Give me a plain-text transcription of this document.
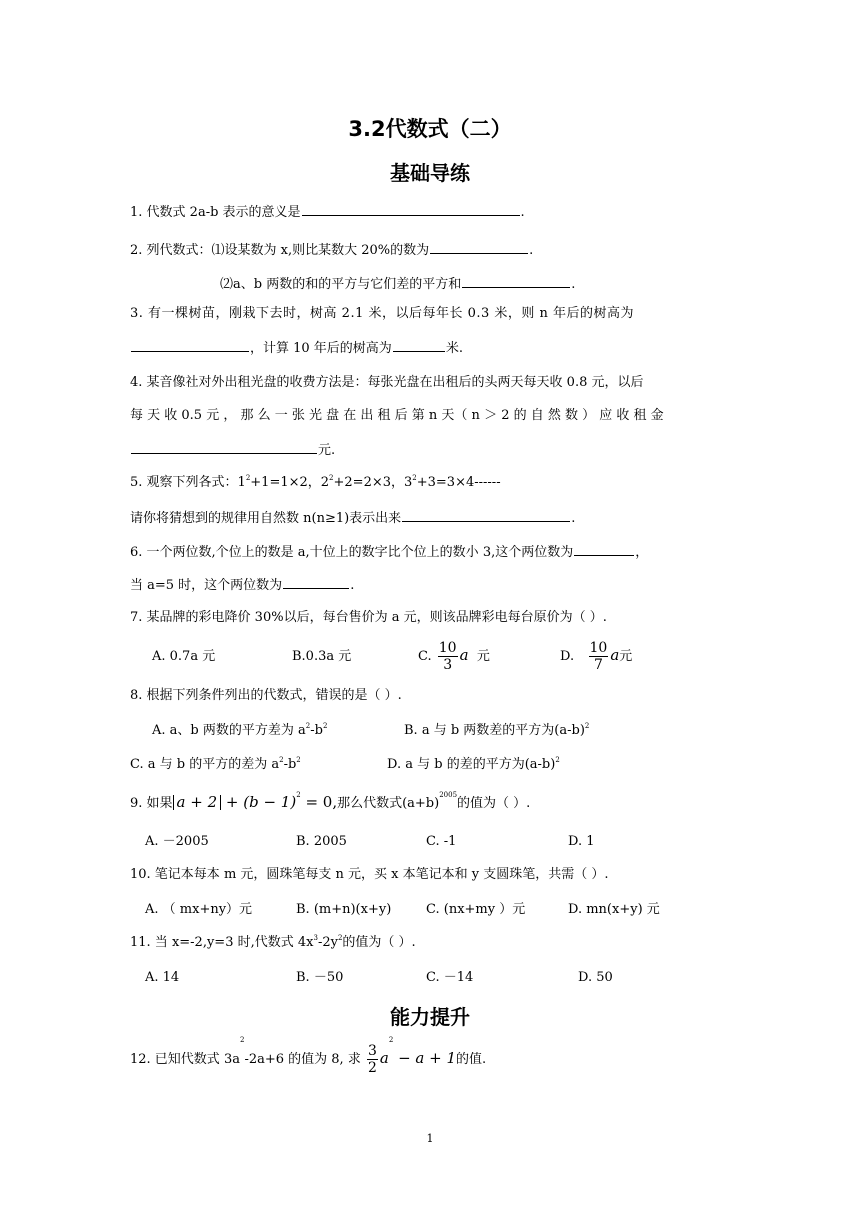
3.2代数式（二）
基础导练
1. 代数式 2a-b 表示的意义是	.
2. 列代数式：⑴设某数为 x,则比某数大 20%的数为	.
⑵a、b 两数的和的平方与它们差的平方和	.
3. 有一棵树苗，刚栽下去时，树高 2.1 米，以后每年长 0.3 米，则 n 年后的树高为
，计算 10 年后的树高为	米.
4. 某音像社对外出租光盘的收费方法是：每张光盘在出租后的头两天每天收 0.8 元，以后
每 天 收 0.5 元 ， 那 么 一 张 光 盘 在 出 租 后 第 n 天（ n ＞ 2 的 自 然 数 ） 应 收 租 金
元.
5. 观察下列各式：$1^2+1=1\times 2$，$2^2+2=2\times 3$，$3^2+3=3\times 4------$
请你将猜想到的规律用自然数 n(n≥1)表示出来	.
6. 一个两位数,个位上的数是 a,十位上的数字比个位上的数小 3,这个两位数为	，
当 a=5 时，这个两位数为	.
7. 某品牌的彩电降价 30%以后，每台售价为 a 元，则该品牌彩电每台原价为（ ）.
A. 0.7a 元	B.0.3a 元	C. $\frac{10}{3}$ a 元	D. $\frac{10}{7}$ a元
8. 根据下列条件列出的代数式，错误的是（ ）.
A. a、b 两数的平方差为 $a^2-b^2$	B. a 与 b 两数差的平方为$(a-b)^2$
C. a 与 b 的平方的差为 $a^2-b^2$	D. a 与 b 的差的平方为$(a-b)^2$
9. 如果 $a + 2 + (b - 1)^2 = 0$,那么代数式$(a+b)^{2005}$的值为（ ）.
A. －2005	B. 2005	C. -1	D. 1
10. 笔记本每本 m 元，圆珠笔每支 n 元，买 x 本笔记本和 y 支圆珠笔，共需（ ）.
A. （ mx+ny）元	B. (m+n)(x+y)	C. (nx+my ）元	D. mn(x+y) 元
11. 当 x=-2,y=3 时,代数式 $4x^3-2y^2$的值为（ ）.
A. 14	B. －50	C. －14	D. 50
能力提升
12. 已知代数式 $3a^2-2a+6$ 的值为 8, 求 $\frac{3}{2} a^2 - a + 1$的值.
1
